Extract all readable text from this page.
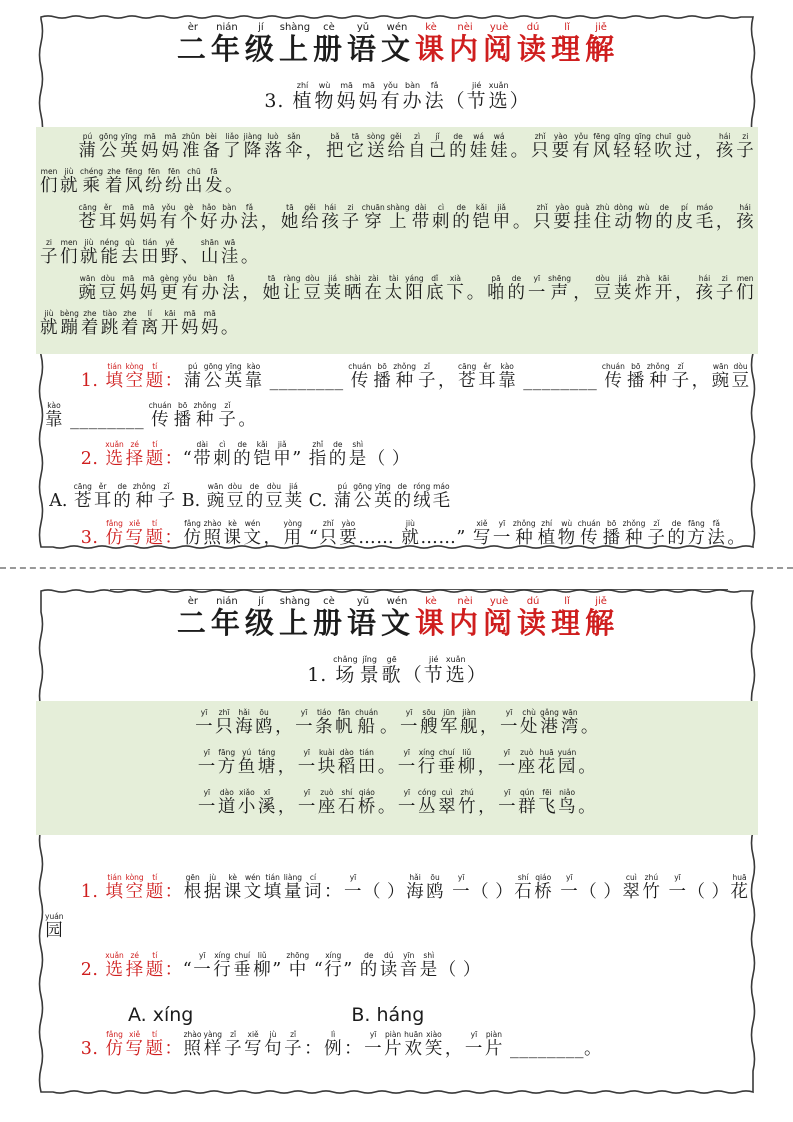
二èr年nián级jí上shàng册cè语yǔ文wén课kè内nèi阅yuè读dú理lǐ解jiě
3. 植zhí物wù妈mā妈mā有yǒu办bàn法fǎ（节jié选xuǎn）

蒲pú公gōng英yīng妈mā妈mā准zhǔn备bèi了liǎo降jiàng落luò伞sǎn， 把bǎ它tā送sòng给gěi自zì己jǐ的de娃wá娃wá。 只zhǐ要yào有yǒu风fēng轻qīng轻qīng吹chuī过guò， 孩hái子zi们men就jiù乘chéng着zhe风fēng纷fēn纷fēn出chū发fā。

苍cāng耳ěr妈mā妈mā有yǒu个gè好hǎo办bàn法fǎ， 她tā给gěi孩hái子zi穿chuān上shàng带dài刺cì的de铠kǎi甲jiǎ。 只zhǐ要yào挂guà住zhù动dòng物wù的de皮pí毛máo， 孩hái子zi们men就jiù能néng去qù田tián野yě、 山shān洼wā。

豌wān豆dòu妈mā妈mā更gèng有yǒu办bàn法fǎ， 她tā让ràng豆dòu荚jiá晒shài在zài太tài阳yáng底dǐ下xià。 啪pā的de一yī声shēng， 豆dòu荚jiá炸zhà开kāi， 孩hái子zi们men就jiù蹦bèng着zhe跳tiào着zhe离lí开kāi妈mā妈mā。

1. 填tián空kòng题tí：蒲pú公gōng英yīng靠kào ________ 传chuán播bō种zhǒng子zǐ， 苍cāng耳ěr靠kào ________ 传chuán播bō种zhǒng子zǐ， 豌wān豆dòu靠kào ________ 传chuán播bō种zhǒng子zǐ。

2. 选xuǎn择zé题tí：“带dài刺cì的de铠kǎi甲jiǎ” 指zhǐ的de是shì（ ）

A. 苍cāng耳ěr的de种zhǒng子zǐ B. 豌wān豆dòu的de豆dòu荚jiá C. 蒲pú公gōng英yīng的de绒róng毛máo

3. 仿fǎng写xiě题tí：仿fǎng照zhào课kè文wén， 用yòng “只zhǐ要yào…… 就jiù……” 写xiě一yī种zhǒng植zhí物wù传chuán播bō种zhǒng子zǐ的de方fāng法fǎ。

二èr年nián级jí上shàng册cè语yǔ文wén课kè内nèi阅yuè读dú理lǐ解jiě
1. 场chǎng景jǐng歌gē（节jié选xuǎn）

一yī只zhī海hǎi鸥ōu， 一yī条tiáo帆fān船chuán。 一yī艘sōu军jūn舰jiàn， 一yī处chù港gǎng湾wān。

一yī方fāng鱼yú塘táng， 一yī块kuài稻dào田tián。 一yī行xíng垂chuí柳liǔ， 一yī座zuò花huā园yuán。

一yī道dào小xiǎo溪xī， 一yī座zuò石shí桥qiáo。 一yī丛cóng翠cuì竹zhú， 一yī群qún飞fēi鸟niǎo。

1. 填tián空kòng题tí：根gēn据jù课kè文wén填tián量liàng词cí： 一yī（ ）海hǎi鸥ōu 一yī（ ）石shí桥qiáo 一yī（ ）翠cuì竹zhú 一yī（ ）花huā园yuán

2. 选xuǎn择zé题tí：“一yī行xíng垂chuí柳liǔ” 中zhōng “行xíng” 的de读dú音yīn是shì（ ）

A. xíng	B. háng

3. 仿fǎng写xiě题tí：照zhào样yàng子zǐ写xiě句jù子zǐ： 例lì： 一yī片piàn欢huān笑xiào， 一yī片piàn ________。
